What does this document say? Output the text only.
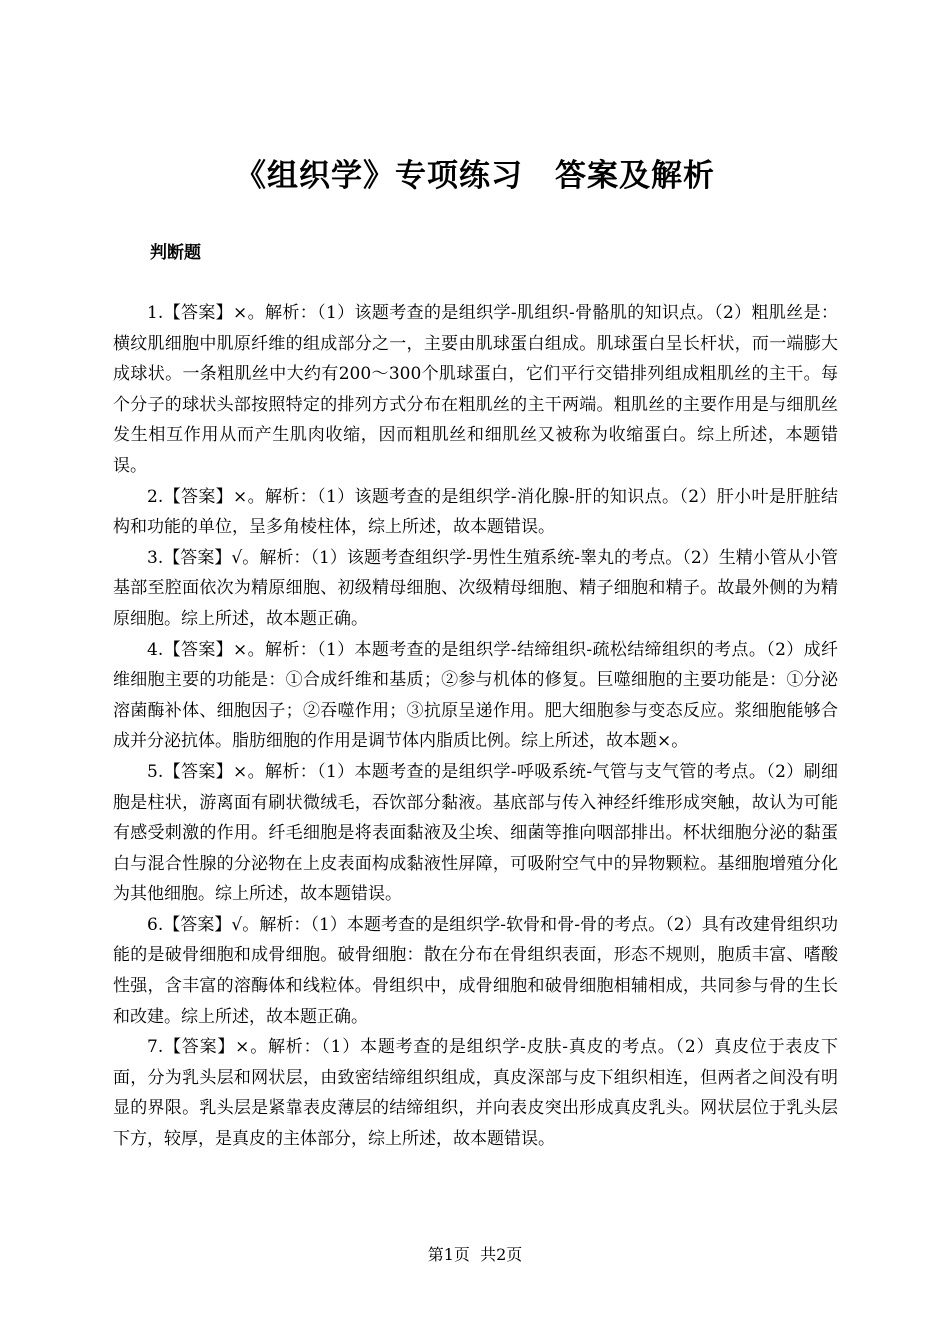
《组织学》专项练习　答案及解析
判断题

1.【答案】×。解析：（1）该题考查的是组织学-肌组织-骨骼肌的知识点。（2）粗肌丝是：横纹肌细胞中肌原纤维的组成部分之一，主要由肌球蛋白组成。肌球蛋白呈长杆状，而一端膨大成球状。一条粗肌丝中大约有200～300个肌球蛋白，它们平行交错排列组成粗肌丝的主干。每个分子的球状头部按照特定的排列方式分布在粗肌丝的主干两端。粗肌丝的主要作用是与细肌丝发生相互作用从而产生肌肉收缩，因而粗肌丝和细肌丝又被称为收缩蛋白。综上所述，本题错误。

2.【答案】×。解析：（1）该题考查的是组织学-消化腺-肝的知识点。（2）肝小叶是肝脏结构和功能的单位，呈多角棱柱体，综上所述，故本题错误。

3.【答案】√。解析：（1）该题考查组织学-男性生殖系统-睾丸的考点。（2）生精小管从小管基部至腔面依次为精原细胞、初级精母细胞、次级精母细胞、精子细胞和精子。故最外侧的为精原细胞。综上所述，故本题正确。

4.【答案】×。解析：（1）本题考查的是组织学-结缔组织-疏松结缔组织的考点。（2）成纤维细胞主要的功能是：①合成纤维和基质；②参与机体的修复。巨噬细胞的主要功能是：①分泌溶菌酶补体、细胞因子；②吞噬作用；③抗原呈递作用。肥大细胞参与变态反应。浆细胞能够合成并分泌抗体。脂肪细胞的作用是调节体内脂质比例。综上所述，故本题×。

5.【答案】×。解析：（1）本题考查的是组织学-呼吸系统-气管与支气管的考点。（2）刷细胞是柱状，游离面有刷状微绒毛，吞饮部分黏液。基底部与传入神经纤维形成突触，故认为可能有感受刺激的作用。纤毛细胞是将表面黏液及尘埃、细菌等推向咽部排出。杯状细胞分泌的黏蛋白与混合性腺的分泌物在上皮表面构成黏液性屏障，可吸附空气中的异物颗粒。基细胞增殖分化为其他细胞。综上所述，故本题错误。

6.【答案】√。解析：（1）本题考查的是组织学-软骨和骨-骨的考点。（2）具有改建骨组织功能的是破骨细胞和成骨细胞。破骨细胞：散在分布在骨组织表面，形态不规则，胞质丰富、嗜酸性强，含丰富的溶酶体和线粒体。骨组织中，成骨细胞和破骨细胞相辅相成，共同参与骨的生长和改建。综上所述，故本题正确。

7.【答案】×。解析：（1）本题考查的是组织学-皮肤-真皮的考点。（2）真皮位于表皮下面，分为乳头层和网状层，由致密结缔组织组成，真皮深部与皮下组织相连，但两者之间没有明显的界限。乳头层是紧靠表皮薄层的结缔组织，并向表皮突出形成真皮乳头。网状层位于乳头层下方，较厚，是真皮的主体部分，综上所述，故本题错误。

第1页  共2页
